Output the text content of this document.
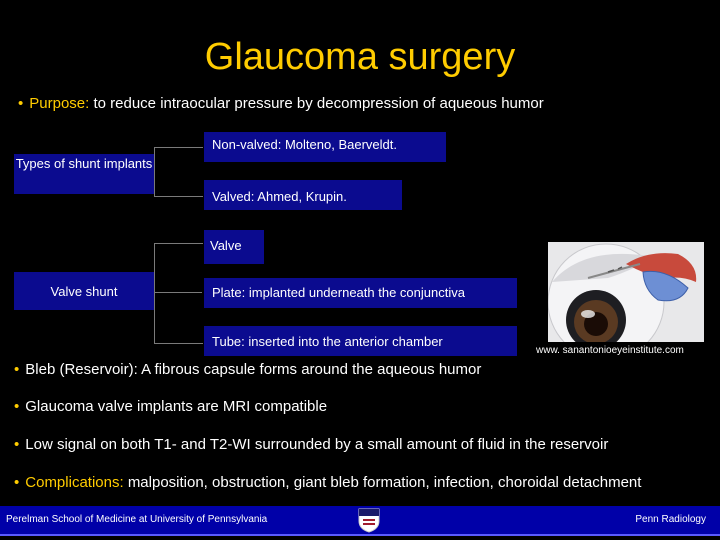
Glaucoma surgery
• Purpose: to reduce intraocular pressure by decompression of aqueous humor
Types of shunt implants
Non-valved: Molteno, Baerveldt.
Valved: Ahmed, Krupin.
Valve shunt
Valve
Plate: implanted underneath the conjunctiva
Tube: inserted into the anterior chamber
www. sanantonioeyeinstitute.com
• Bleb (Reservoir): A fibrous capsule forms around the aqueous humor
• Glaucoma valve implants are MRI compatible
• Low signal on both T1- and T2-WI surrounded by a small amount of fluid in the reservoir
• Complications: malposition, obstruction, giant bleb formation, infection, choroidal detachment
Perelman School of Medicine at University of Pennsylvania	Penn Radiology
